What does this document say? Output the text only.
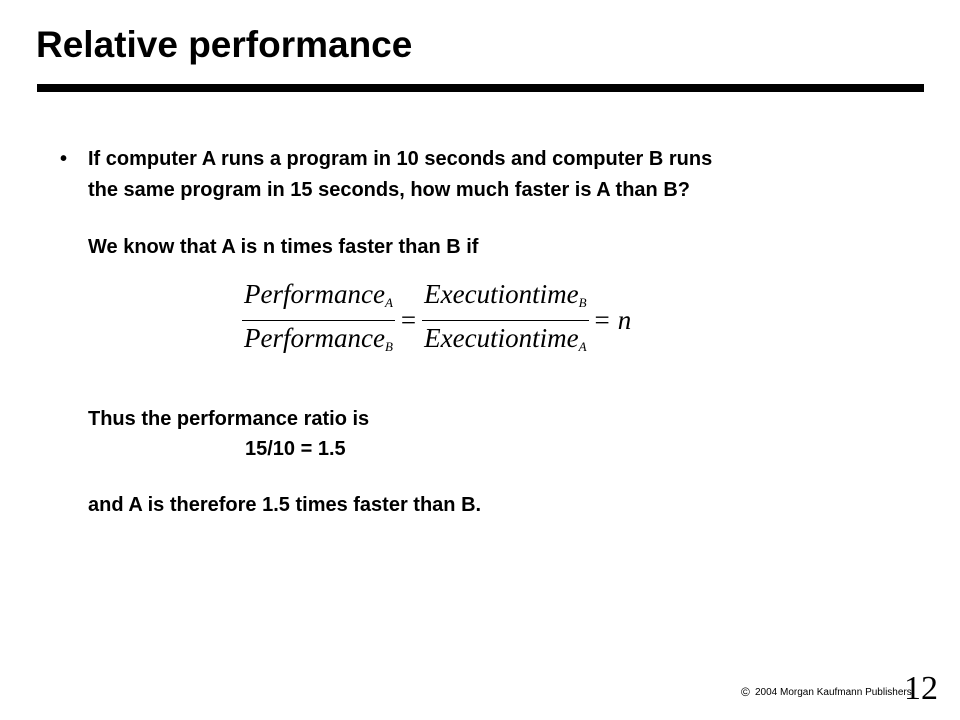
Relative performance
• If computer A runs a program in 10 seconds and computer B runs
the same program in 15 seconds, how much faster is A than B?
We know that A is n times faster than B if
$\frac{Performance_A}{Performance_B} = \frac{Executiontime_B}{Executiontime_A} = n$
Thus the performance ratio is
15/10 = 1.5
and A is therefore 1.5 times faster than B.
© 2004 Morgan Kaufmann Publishers
12
